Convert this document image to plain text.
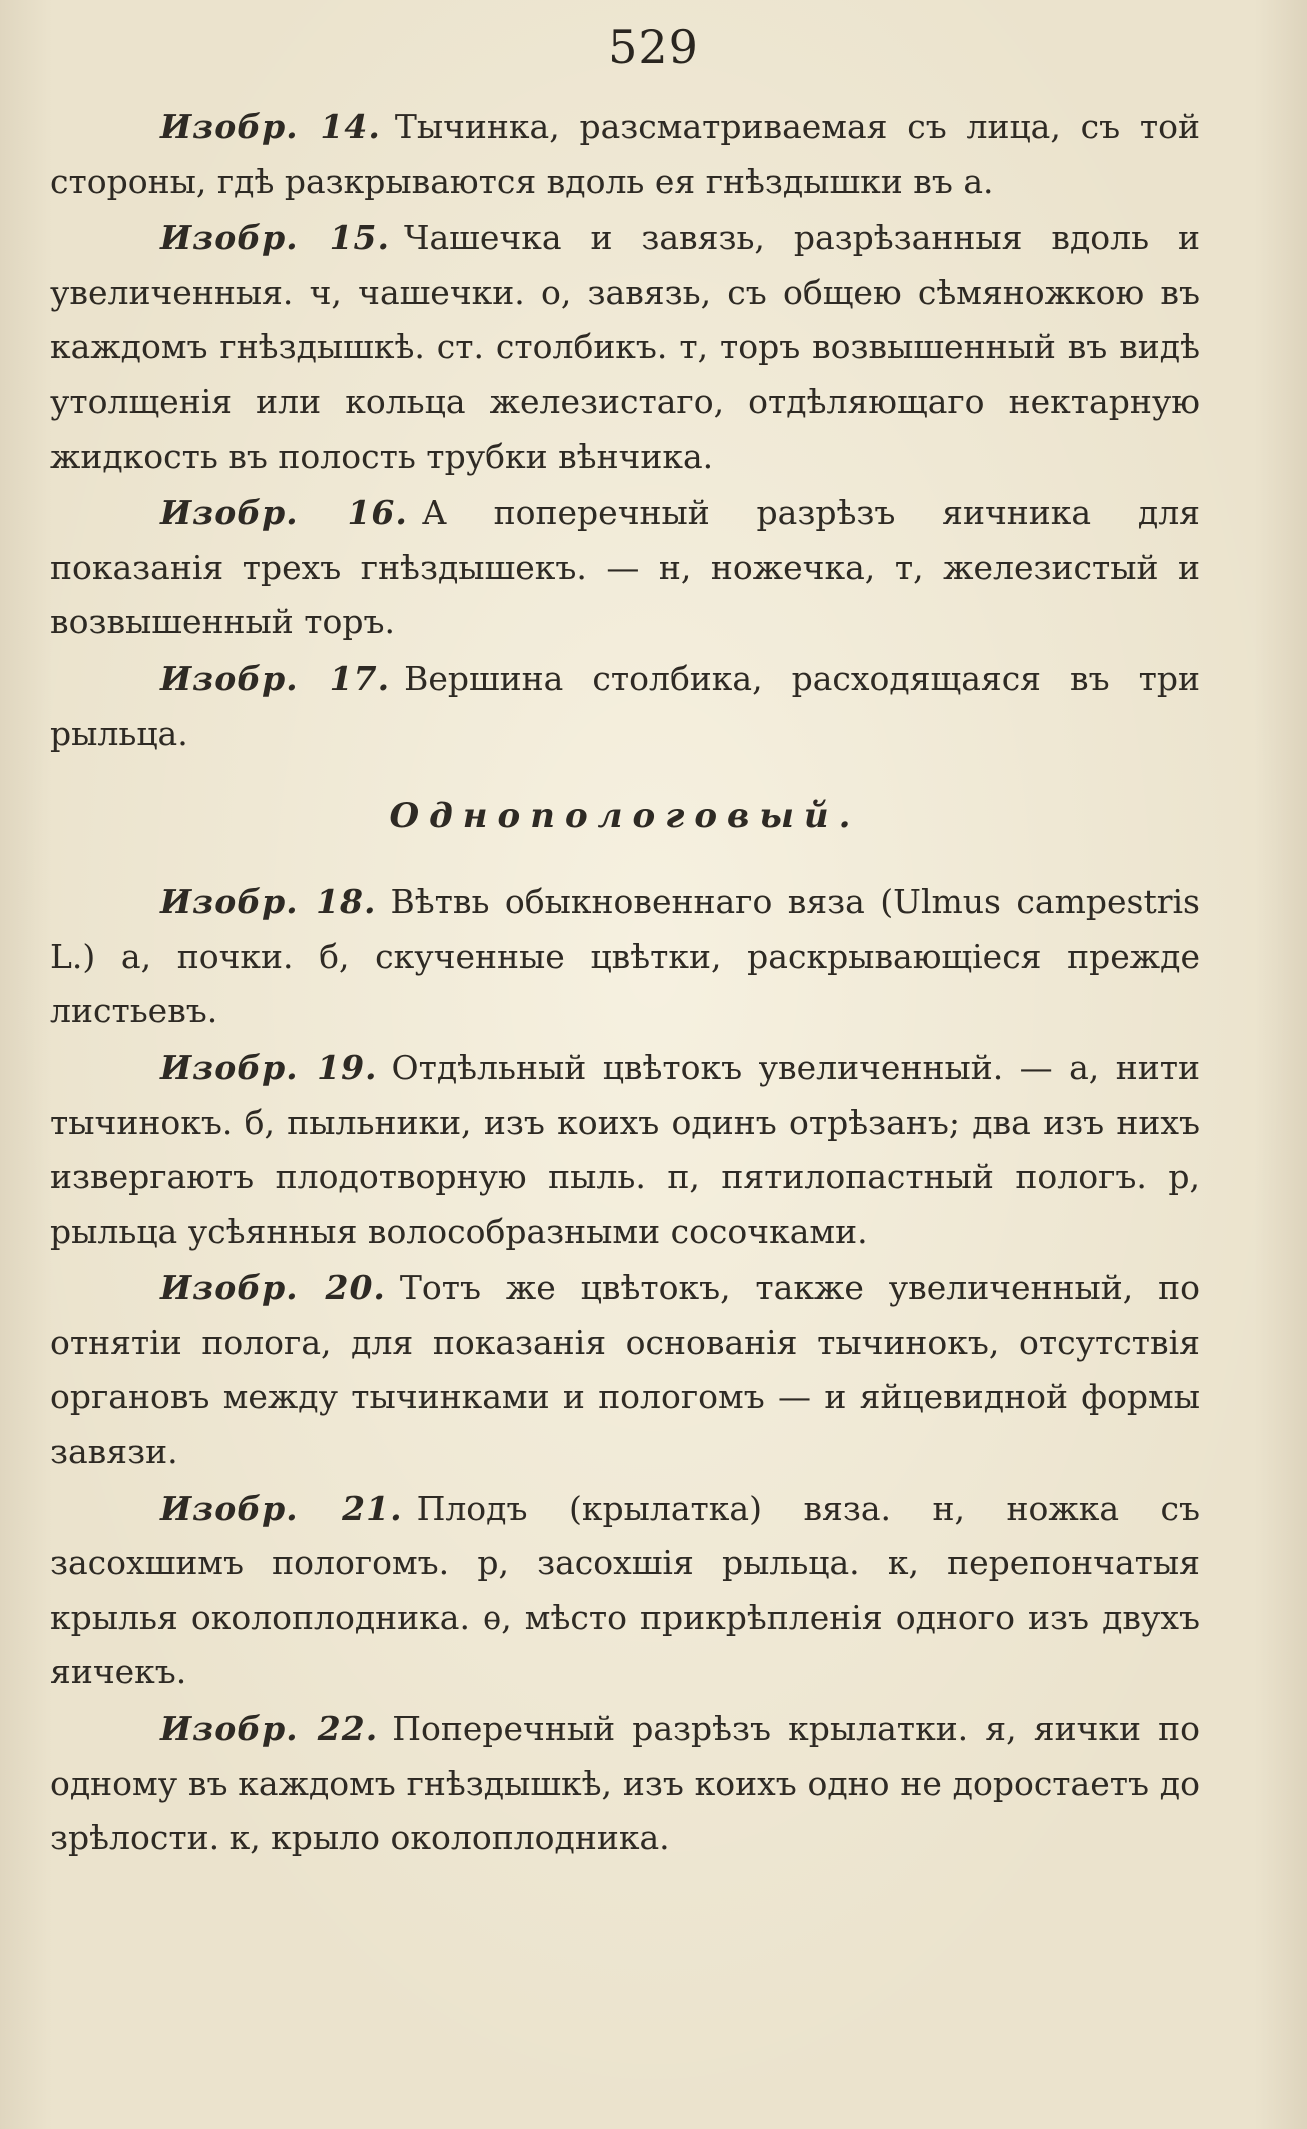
529

Изобр. 14. Тычинка, разсматриваемая съ лица, съ той стороны, гдѣ разкрываются вдоль ея гнѣздышки въ а.

Изобр. 15. Чашечка и завязь, разрѣзанныя вдоль и увеличенныя. ч, чашечки. о, завязь, съ общею сѣмяножкою въ каждомъ гнѣздышкѣ. ст. столбикъ. т, торъ возвышенный въ видѣ утолщенія или кольца железистаго, отдѣляющаго нектарную жидкость въ полость трубки вѣнчика.

Изобр. 16. А поперечный разрѣзъ яичника для показанія трехъ гнѣздышекъ. — н, ножечка, т, железистый и возвышенный торъ.

Изобр. 17. Вершина столбика, расходящаяся въ три рыльца.

Однопологовый.

Изобр. 18. Вѣтвь обыкновеннаго вяза (Ulmus campestris L.) а, почки. б, скученные цвѣтки, раскрывающіеся прежде листьевъ.

Изобр. 19. Отдѣльный цвѣтокъ увеличенный. — а, нити тычинокъ. б, пыльники, изъ коихъ одинъ отрѣзанъ; два изъ нихъ извергаютъ плодотворную пыль. п, пятилопастный пологъ. р, рыльца усѣянныя волособразными сосочками.

Изобр. 20. Тотъ же цвѣтокъ, также увеличенный, по отнятіи полога, для показанія основанія тычинокъ, отсутствія органовъ между тычинками и пологомъ — и яйцевидной формы завязи.

Изобр. 21. Плодъ (крылатка) вяза. н, ножка съ засохшимъ пологомъ. р, засохшія рыльца. к, перепончатыя крылья околоплодника. ѳ, мѣсто прикрѣпленія одного изъ двухъ яичекъ.

Изобр. 22. Поперечный разрѣзъ крылатки. я, яички по одному въ каждомъ гнѣздышкѣ, изъ коихъ одно не доростаетъ до зрѣлости. к, крыло околоплодника.
